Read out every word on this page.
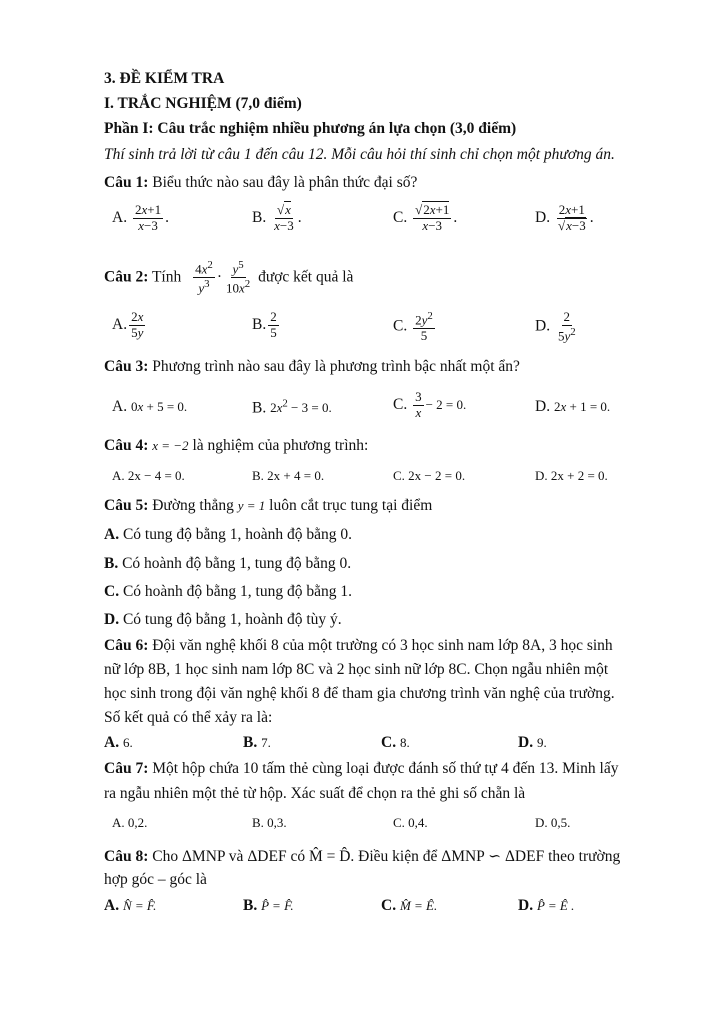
3. ĐỀ KIỂM TRA
I. TRẮC NGHIỆM (7,0 điểm)
Phần I: Câu trắc nghiệm nhiều phương án lựa chọn (3,0 điểm)
Thí sinh trả lời từ câu 1 đến câu 12. Mỗi câu hỏi thí sinh chỉ chọn một phương án.
Câu 1: Biểu thức nào sau đây là phân thức đại số?
A. $\frac{2x+1}{x-3}$ .	B. $\frac{√x}{x-3}$ .	C. $\frac{√2x+1}{x-3}$ .	D. $\frac{2x+1}{√x-3}$ .
Câu 2: Tính $\frac{4x^2}{y^3} \cdot \frac{y^5}{10x^2}$ được kết quả là
A. $\frac{2x}{5y}$	B. $\frac{2}{5}$	C. $\frac{2y^2}{5}$	D. $\frac{2}{5y^2}$
Câu 3: Phương trình nào sau đây là phương trình bậc nhất một ẩn?
A. 0x + 5 = 0.	B. $2x^2 - 3 = 0$.	C. $\frac{3}{x} - 2 = 0$.	D. 2x + 1 = 0.
Câu 4: x = −2 là nghiệm của phương trình:
A. 2x − 4 = 0.	B. 2x + 4 = 0.	C. 2x − 2 = 0.	D. 2x + 2 = 0.
Câu 5: Đường thẳng y = 1 luôn cắt trục tung tại điểm
A. Có tung độ bằng 1, hoành độ bằng 0.
B. Có hoành độ bằng 1, tung độ bằng 0.
C. Có hoành độ bằng 1, tung độ bằng 1.
D. Có tung độ bằng 1, hoành độ tùy ý.
Câu 6: Đội văn nghệ khối 8 của một trường có 3 học sinh nam lớp 8A, 3 học sinh
nữ lớp 8B, 1 học sinh nam lớp 8C và 2 học sinh nữ lớp 8C. Chọn ngẫu nhiên một
học sinh trong đội văn nghệ khối 8 để tham gia chương trình văn nghệ của trường.
Số kết quả có thể xảy ra là:
A. 6.	B. 7.	C. 8.	D. 9.
Câu 7: Một hộp chứa 10 tấm thẻ cùng loại được đánh số thứ tự 4 đến 13. Minh lấy
ra ngẫu nhiên một thẻ từ hộp. Xác suất để chọn ra thẻ ghi số chẵn là
A. 0,2.	B. 0,3.	C. 0,4.	D. 0,5.
Câu 8: Cho ΔMNP và ΔDEF có M̂ = D̂. Điều kiện để ΔMNP ∽ ΔDEF theo trường
hợp góc – góc là
A. N̂ = F̂.	B. P̂ = F̂.	C. M̂ = Ê.	D. P̂ = Ê .
